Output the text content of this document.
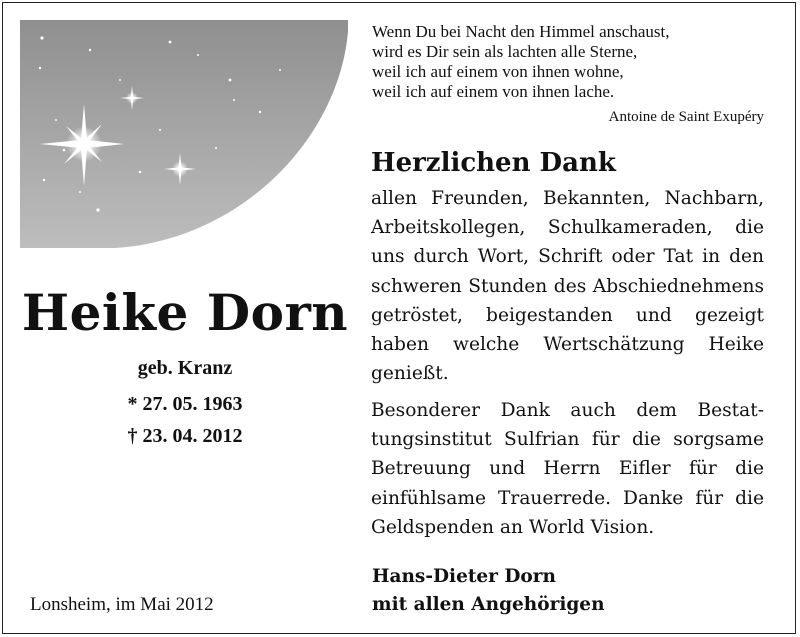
Heike Dorn
geb. Kranz
* 27. 05. 1963
† 23. 04. 2012
Lonsheim, im Mai 2012
Wenn Du bei Nacht den Himmel anschaust,
wird es Dir sein als lachten alle Sterne,
weil ich auf einem von ihnen wohne,
weil ich auf einem von ihnen lache.
Antoine de Saint Exupéry
Herzlichen Dank
allen Freunden, Bekannten, Nachbarn,
Arbeitskollegen, Schulkameraden, die
uns durch Wort, Schrift oder Tat in den
schweren Stunden des Abschiednehmens
getröstet, beigestanden und gezeigt
haben welche Wertschätzung Heike
genießt.
Besonderer Dank auch dem Bestat-
tungsinstitut Sulfrian für die sorgsame
Betreuung und Herrn Eifler für die
einfühlsame Trauerrede. Danke für die
Geldspenden an World Vision.
Hans-Dieter Dorn
mit allen Angehörigen
